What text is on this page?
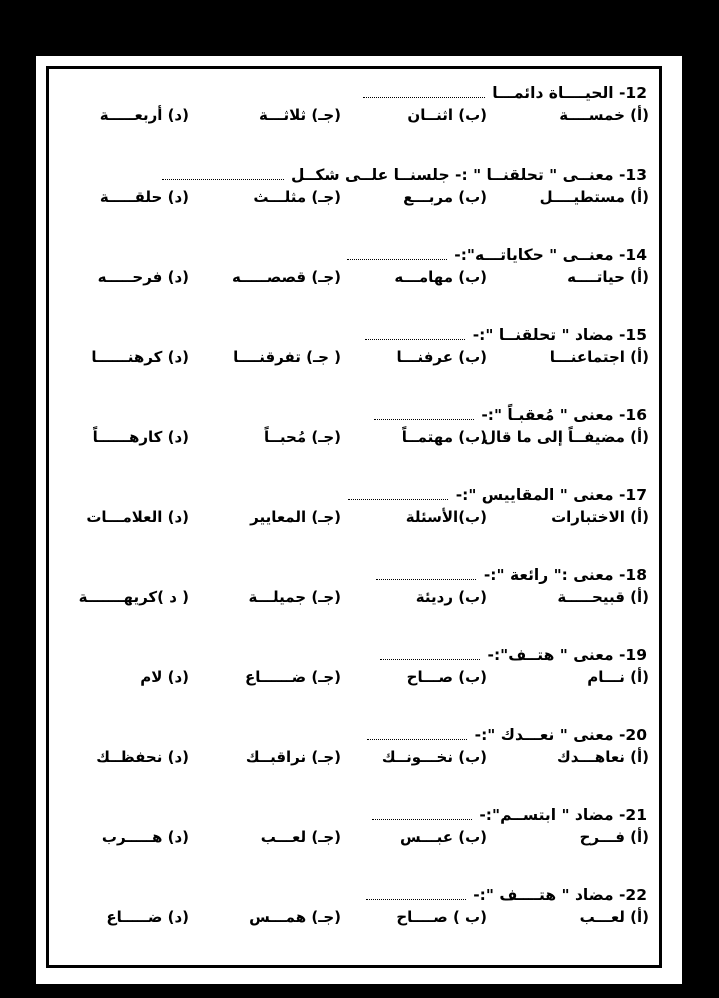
12- الحيــــاة دائمـــا
(أ) خمســــة
(ب) اثنــان
(جـ) ثلاثـــة
(د) أربعـــــة
13- معنــى " تحلقنــا " :- جلسنــا علــى شكــل
(أ) مستطيــــل
(ب) مربـــع
(جـ) مثلـــث
(د) حلقـــــة
14- معنــى " حكاياتـــه":-
(أ) حياتــــه
(ب) مهامـــه
(جـ) قصصـــــه
(د) فرحـــــه
15- مضاد " تحلقنــا ":-
(أ) اجتماعنـــا
(ب) عرفنـــا
( جـ) تفرقنــــا
(د) كرهنــــــا
16- معنى " مُعقبـاً ":-
(أ) مضيفــاً إلى ما قال
(ب) مهتمــاً
(جـ) مُحبــاً
(د) كارهــــــاً
17- معنى " المقاييس ":-
(أ) الاختبارات
(ب)الأسئلة
(جـ) المعايير
(د) العلامـــات
18- معنى :" رائعة ":-
(أ) قبيحـــــة
(ب) رديئة
(جـ) جميلـــة
( د )كريهـــــــة
19- معنى " هتــف":-
(أ) نـــام
(ب) صـــاح
(جـ) ضــــــاع
(د) لام
20- معنى " نعـــدك ":-
(أ) نعاهـــدك
(ب) نخـــونــك
(جـ) نراقبــك
(د) نحفظــك
21- مضاد " ابتســم":-
(أ) فـــرح
(ب) عبـــس
(جـ) لعـــب
(د) هـــــرب
22- مضاد " هتــــف ":-
(أ) لعـــب
(ب ) صــــاح
(جـ) همـــس
(د) ضـــــاع
